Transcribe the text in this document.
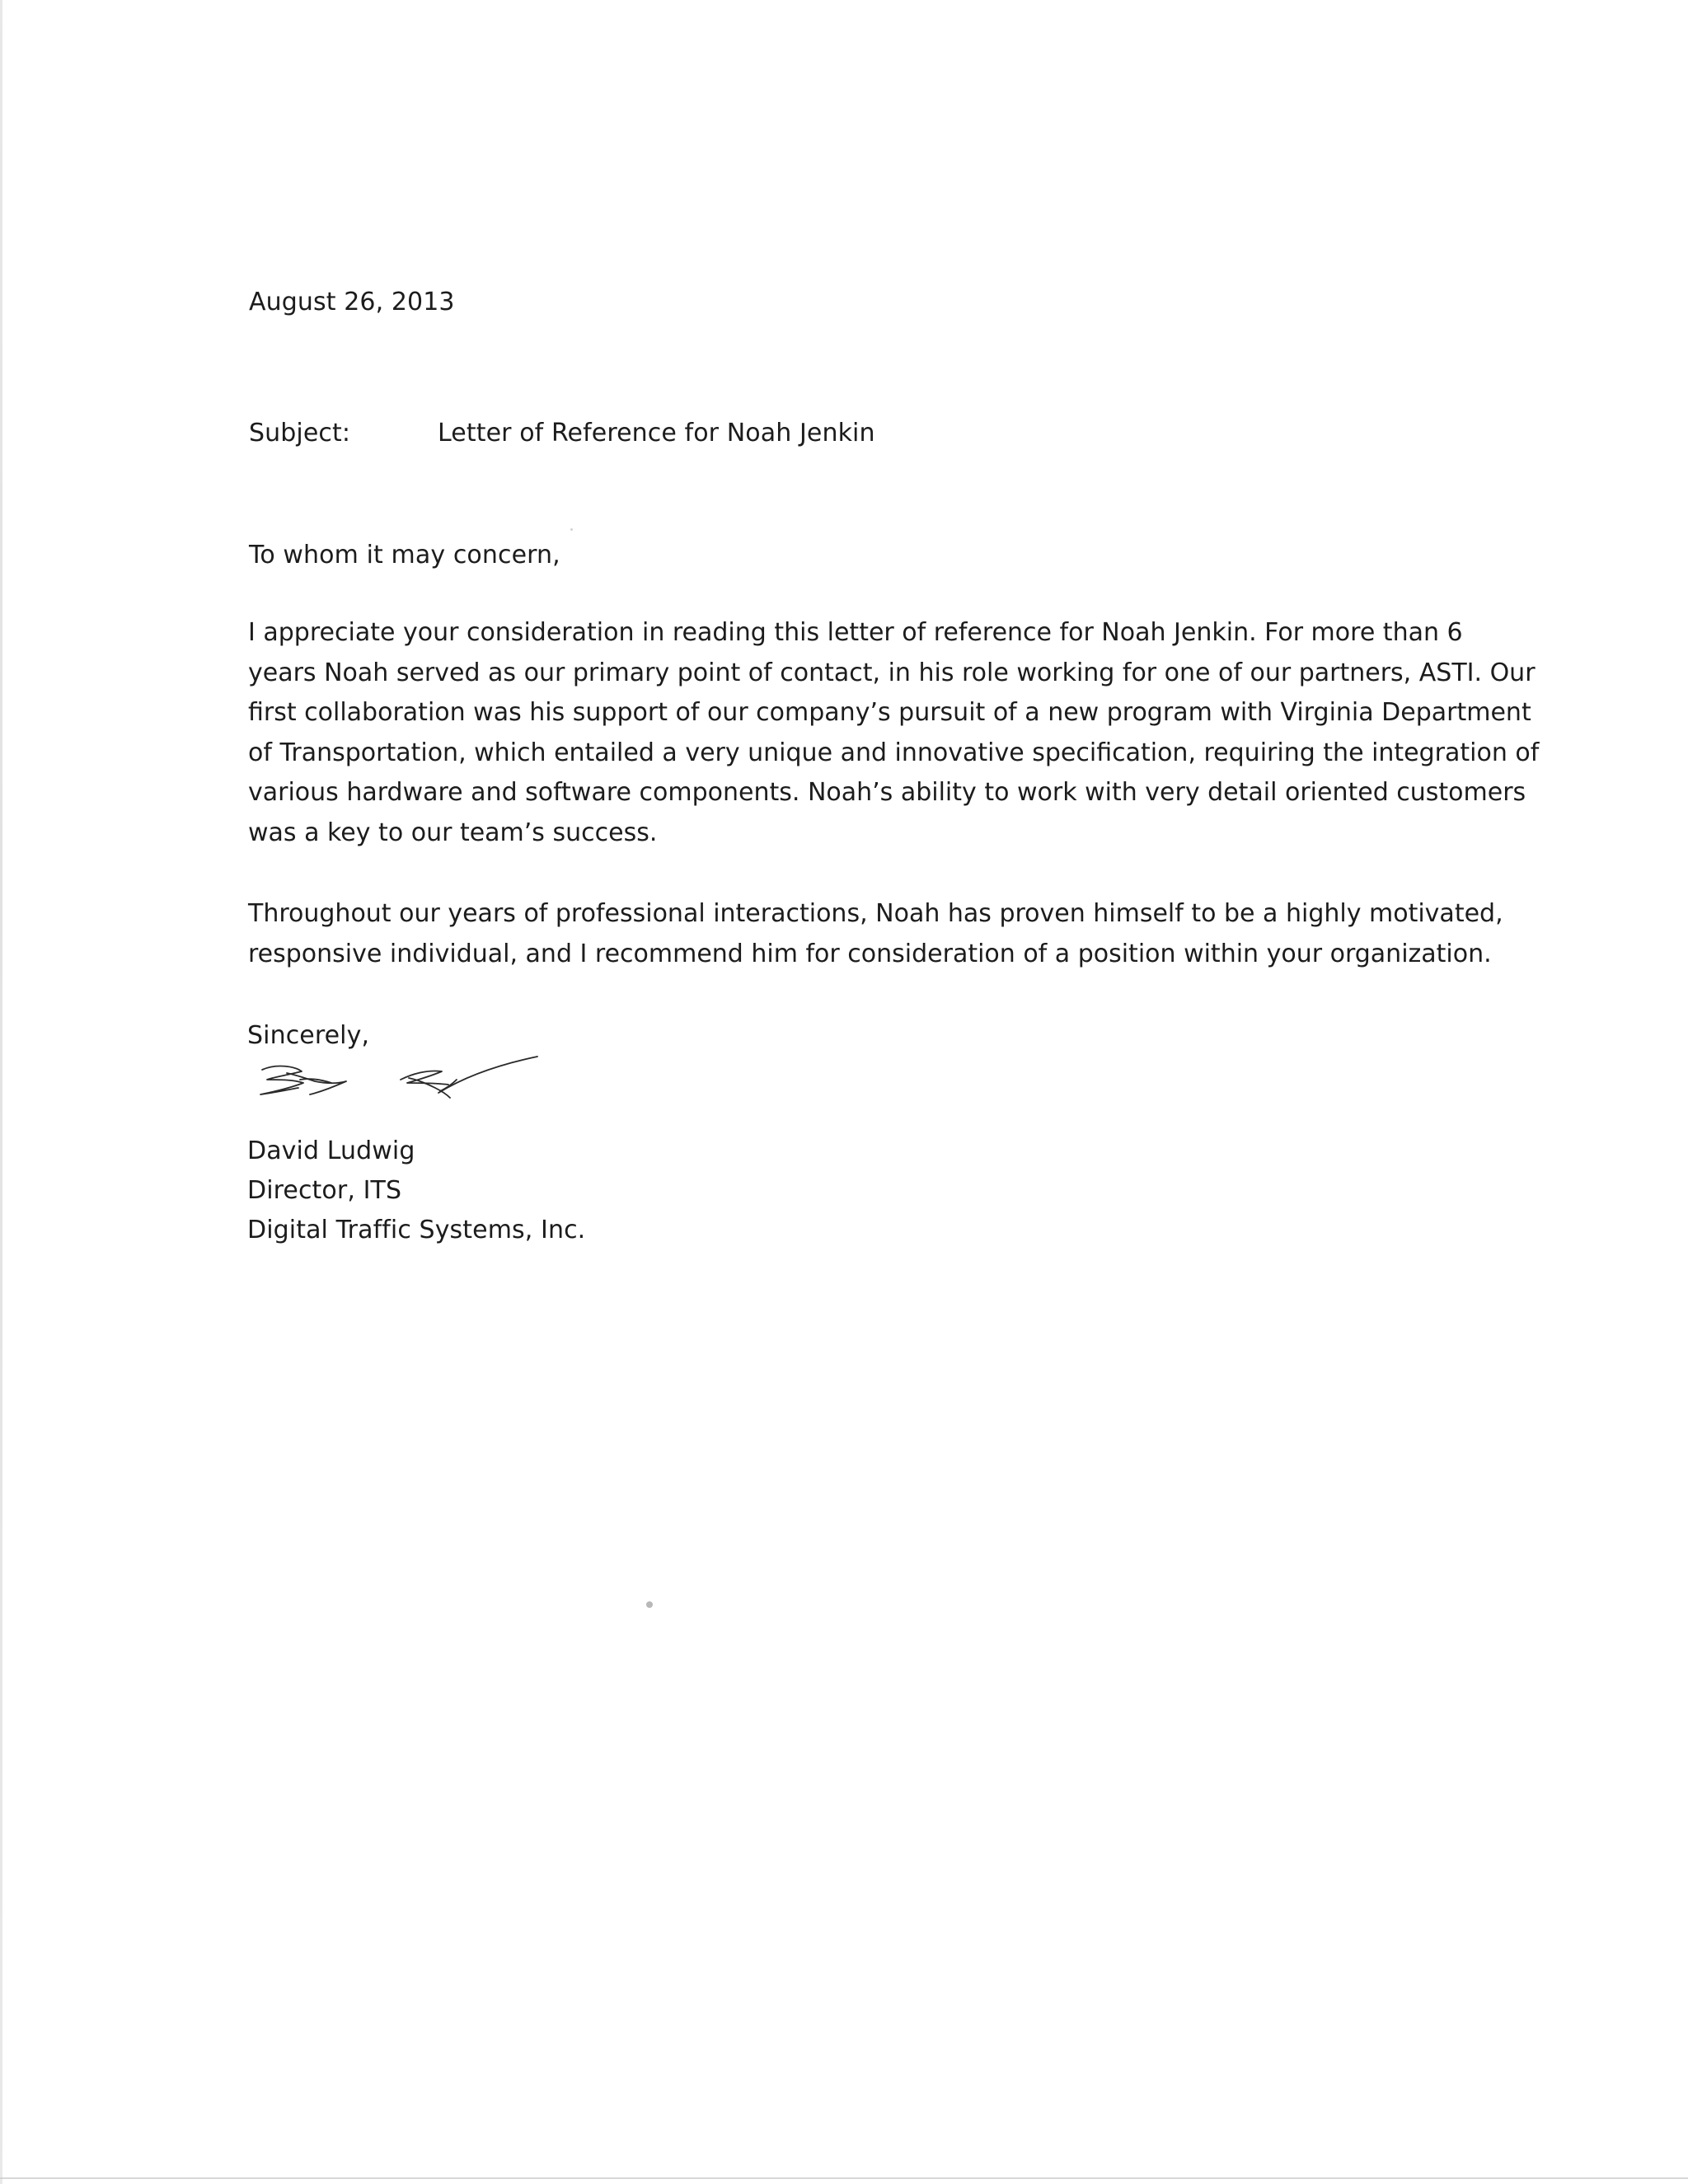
August 26, 2013
Subject:	Letter of Reference for Noah Jenkin
To whom it may concern,
I appreciate your consideration in reading this letter of reference for Noah Jenkin. For more than 6
years Noah served as our primary point of contact, in his role working for one of our partners, ASTI. Our
first collaboration was his support of our company’s pursuit of a new program with Virginia Department
of Transportation, which entailed a very unique and innovative specification, requiring the integration of
various hardware and software components. Noah’s ability to work with very detail oriented customers
was a key to our team’s success.
Throughout our years of professional interactions, Noah has proven himself to be a highly motivated,
responsive individual, and I recommend him for consideration of a position within your organization.
Sincerely,
David Ludwig
Director, ITS
Digital Traffic Systems, Inc.
